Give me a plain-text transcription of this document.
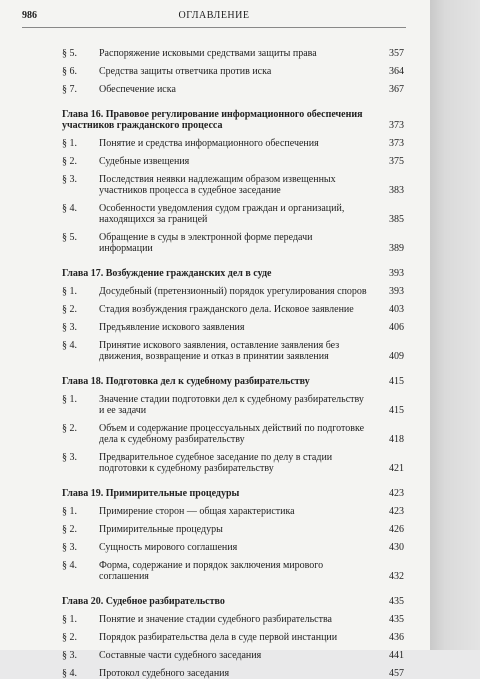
986	ОГЛАВЛЕНИЕ
§ 5.	Распоряжение исковыми средствами защиты права	357
§ 6.	Средства защиты ответчика против иска	364
§ 7.	Обеспечение иска	367
Глава 16. Правовое регулирование информационного обеспечения участников гражданского процесса	373
§ 1.	Понятие и средства информационного обеспечения	373
§ 2.	Судебные извещения	375
§ 3.	Последствия неявки надлежащим образом извещенных участников процесса в судебное заседание	383
§ 4.	Особенности уведомления судом граждан и организаций, находящихся за границей	385
§ 5.	Обращение в суды в электронной форме передачи информации	389
Глава 17. Возбуждение гражданских дел в суде	393
§ 1.	Досудебный (претензионный) порядок урегулирования споров	393
§ 2.	Стадия возбуждения гражданского дела. Исковое заявление	403
§ 3.	Предъявление искового заявления	406
§ 4.	Принятие искового заявления, оставление заявления без движения, возвращение и отказ в принятии заявления	409
Глава 18. Подготовка дел к судебному разбирательству	415
§ 1.	Значение стадии подготовки дел к судебному разбирательству и ее задачи	415
§ 2.	Объем и содержание процессуальных действий по подготовке дела к судебному разбирательству	418
§ 3.	Предварительное судебное заседание по делу в стадии подготовки к судебному разбирательству	421
Глава 19. Примирительные процедуры	423
§ 1.	Примирение сторон — общая характеристика	423
§ 2.	Примирительные процедуры	426
§ 3.	Сущность мирового соглашения	430
§ 4.	Форма, содержание и порядок заключения мирового соглашения	432
Глава 20. Судебное разбирательство	435
§ 1.	Понятие и значение стадии судебного разбирательства	435
§ 2.	Порядок разбирательства дела в суде первой инстанции	436
§ 3.	Составные части судебного заседания	441
§ 4.	Протокол судебного заседания	457
